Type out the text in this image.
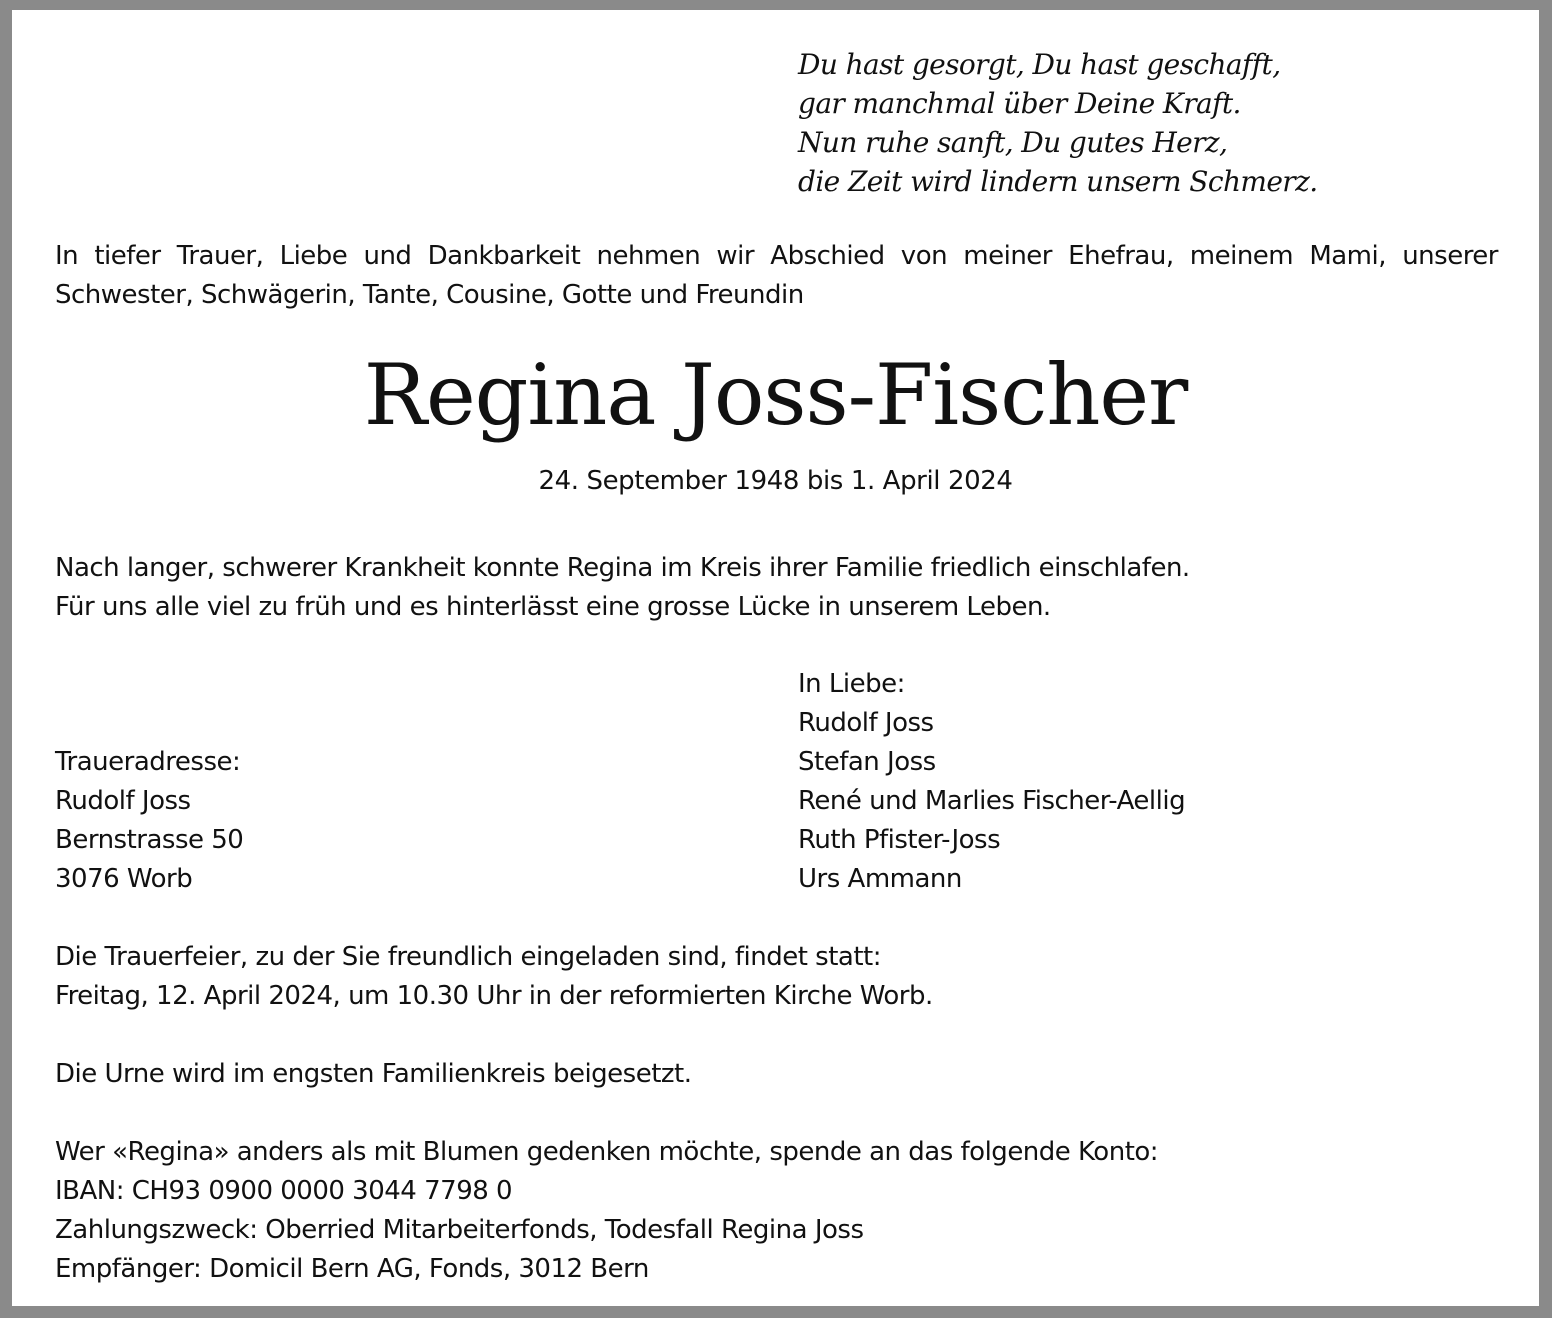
Du hast gesorgt, Du hast geschafft,
gar manchmal über Deine Kraft.
Nun ruhe sanft, Du gutes Herz,
die Zeit wird lindern unsern Schmerz.
In tiefer Trauer, Liebe und Dankbarkeit nehmen wir Abschied von meiner Ehefrau, meinem Mami, unserer
Schwester, Schwägerin, Tante, Cousine, Gotte und Freundin
Regina Joss-Fischer
24. September 1948 bis 1. April 2024
Nach langer, schwerer Krankheit konnte Regina im Kreis ihrer Familie friedlich einschlafen.
Für uns alle viel zu früh und es hinterlässt eine grosse Lücke in unserem Leben.
In Liebe:
Rudolf Joss
Stefan Joss
René und Marlies Fischer-Aellig
Ruth Pfister-Joss
Urs Ammann
Traueradresse:
Rudolf Joss
Bernstrasse 50
3076 Worb
Die Trauerfeier, zu der Sie freundlich eingeladen sind, findet statt:
Freitag, 12. April 2024, um 10.30 Uhr in der reformierten Kirche Worb.
Die Urne wird im engsten Familienkreis beigesetzt.
Wer «Regina» anders als mit Blumen gedenken möchte, spende an das folgende Konto:
IBAN: CH93 0900 0000 3044 7798 0
Zahlungszweck: Oberried Mitarbeiterfonds, Todesfall Regina Joss
Empfänger: Domicil Bern AG, Fonds, 3012 Bern
